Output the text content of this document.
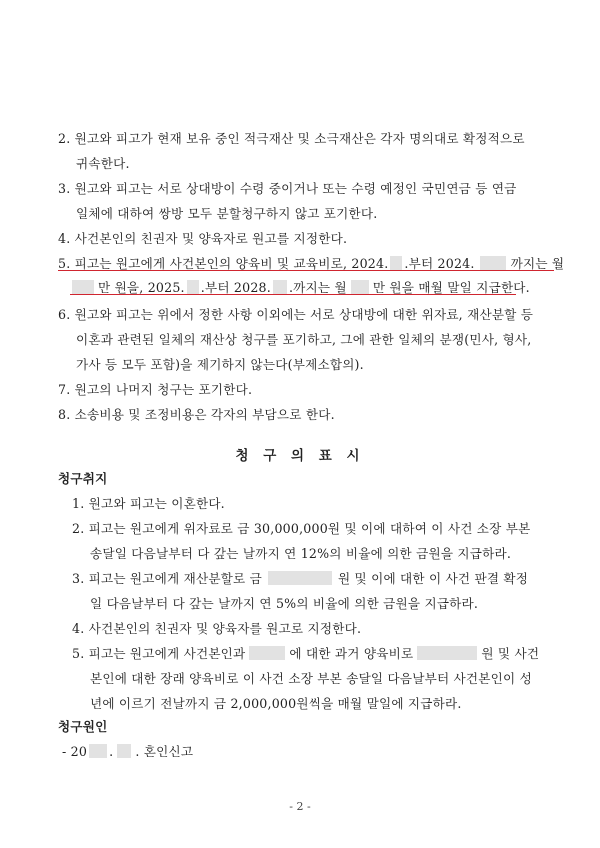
2. 원고와 피고가 현재 보유 중인 적극재산 및 소극재산은 각자 명의대로 확정적으로
귀속한다.
3. 원고와 피고는 서로 상대방이 수령 중이거나 또는 수령 예정인 국민연금 등 연금
일체에 대하여 쌍방 모두 분할청구하지 않고 포기한다.
4. 사건본인의 친권자 및 양육자로 원고를 지정한다.
5. 피고는 원고에게 사건본인의 양육비 및 교육비로, 2024. .부터 2024.	까지는 월
만 원을, 2025. .부터 2028. .까지는 월 만 원을 매월 말일 지급한다.
6. 원고와 피고는 위에서 정한 사항 이외에는 서로 상대방에 대한 위자료, 재산분할 등
이혼과 관련된 일체의 재산상 청구를 포기하고, 그에 관한 일체의 분쟁(민사, 형사,
가사 등 모두 포함)을 제기하지 않는다(부제소합의).
7. 원고의 나머지 청구는 포기한다.
8. 소송비용 및 조정비용은 각자의 부담으로 한다.
청 구 의 표 시
청구취지
1. 원고와 피고는 이혼한다.
2. 피고는 원고에게 위자료로 금 30,000,000원 및 이에 대하여 이 사건 소장 부본
송달일 다음날부터 다 갚는 날까지 연 12%의 비율에 의한 금원을 지급하라.
3. 피고는 원고에게 재산분할로 금	원 및 이에 대한 이 사건 판결 확정
일 다음날부터 다 갚는 날까지 연 5%의 비율에 의한 금원을 지급하라.
4. 사건본인의 친권자 및 양육자를 원고로 지정한다.
5. 피고는 원고에게 사건본인과	에 대한 과거 양육비로	원 및 사건
본인에 대한 장래 양육비로 이 사건 소장 부본 송달일 다음날부터 사건본인이 성
년에 이르기 전날까지 금 2,000,000원씩을 매월 말일에 지급하라.
청구원인
- 20 . . 혼인신고
- 2 -
